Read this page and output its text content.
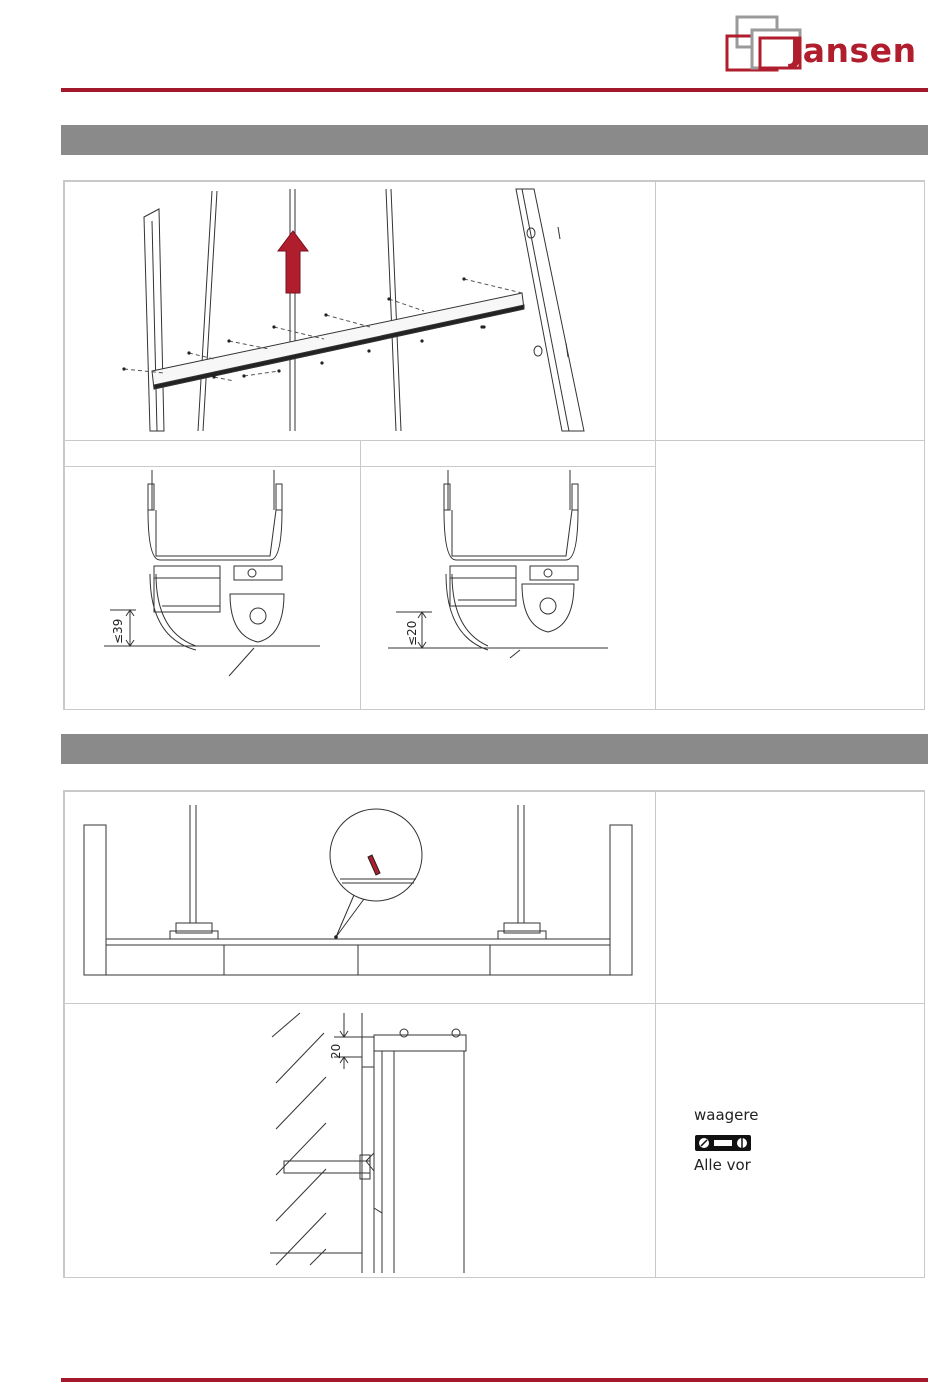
Jansen
≤39	≤20
20
waagere
Alle vor
